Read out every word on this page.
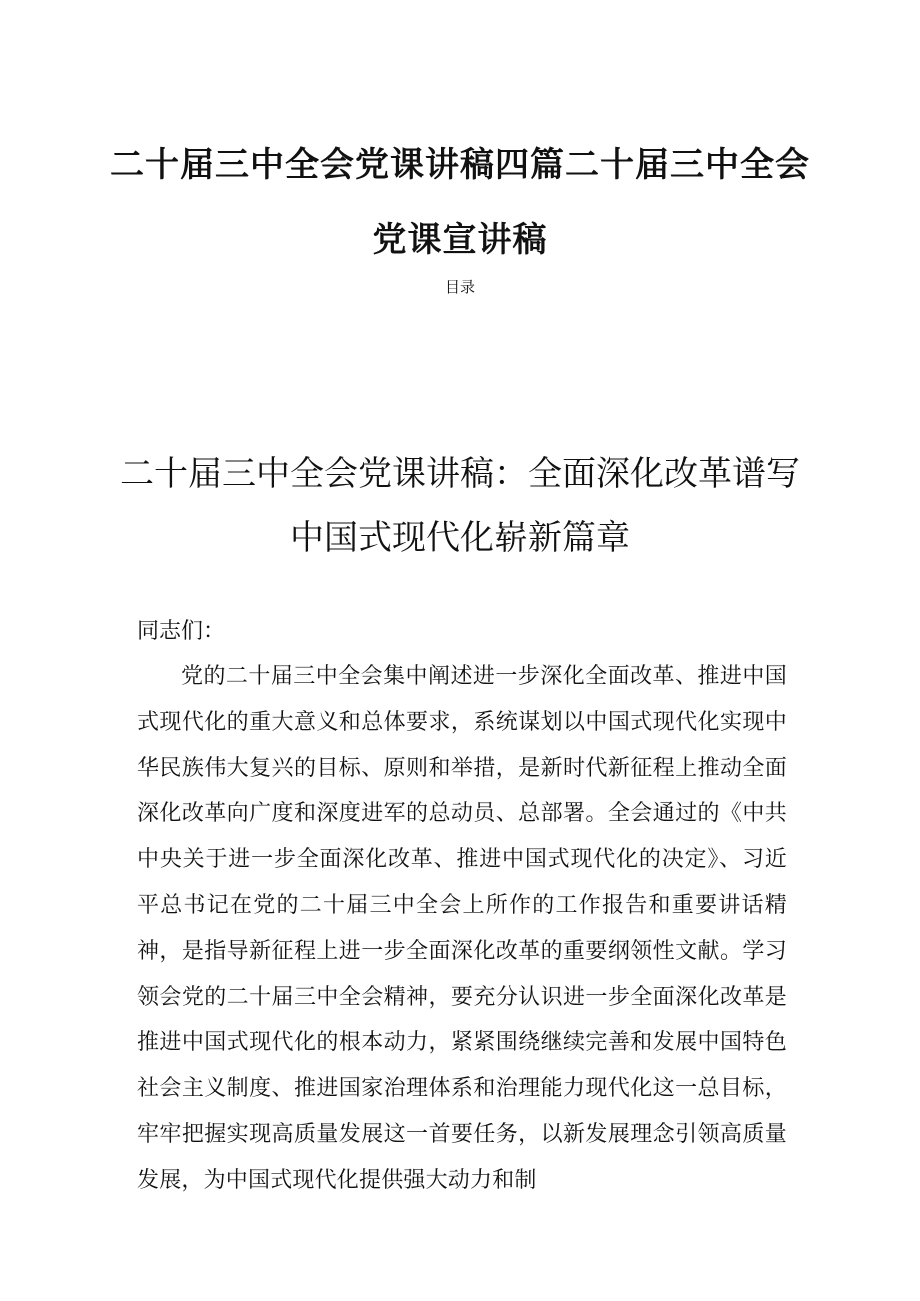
二十届三中全会党课讲稿四篇二十届三中全会党课宣讲稿
目录
二十届三中全会党课讲稿：全面深化改革谱写中国式现代化崭新篇章
同志们：

党的二十届三中全会集中阐述进一步深化全面改革、推进中国式现代化的重大意义和总体要求，系统谋划以中国式现代化实现中华民族伟大复兴的目标、原则和举措，是新时代新征程上推动全面深化改革向广度和深度进军的总动员、总部署。全会通过的《中共中央关于进一步全面深化改革、推进中国式现代化的决定》、习近平总书记在党的二十届三中全会上所作的工作报告和重要讲话精神，是指导新征程上进一步全面深化改革的重要纲领性文献。学习领会党的二十届三中全会精神，要充分认识进一步全面深化改革是推进中国式现代化的根本动力，紧紧围绕继续完善和发展中国特色社会主义制度、推进国家治理体系和治理能力现代化这一总目标，牢牢把握实现高质量发展这一首要任务，以新发展理念引领高质量发展，为中国式现代化提供强大动力和制
